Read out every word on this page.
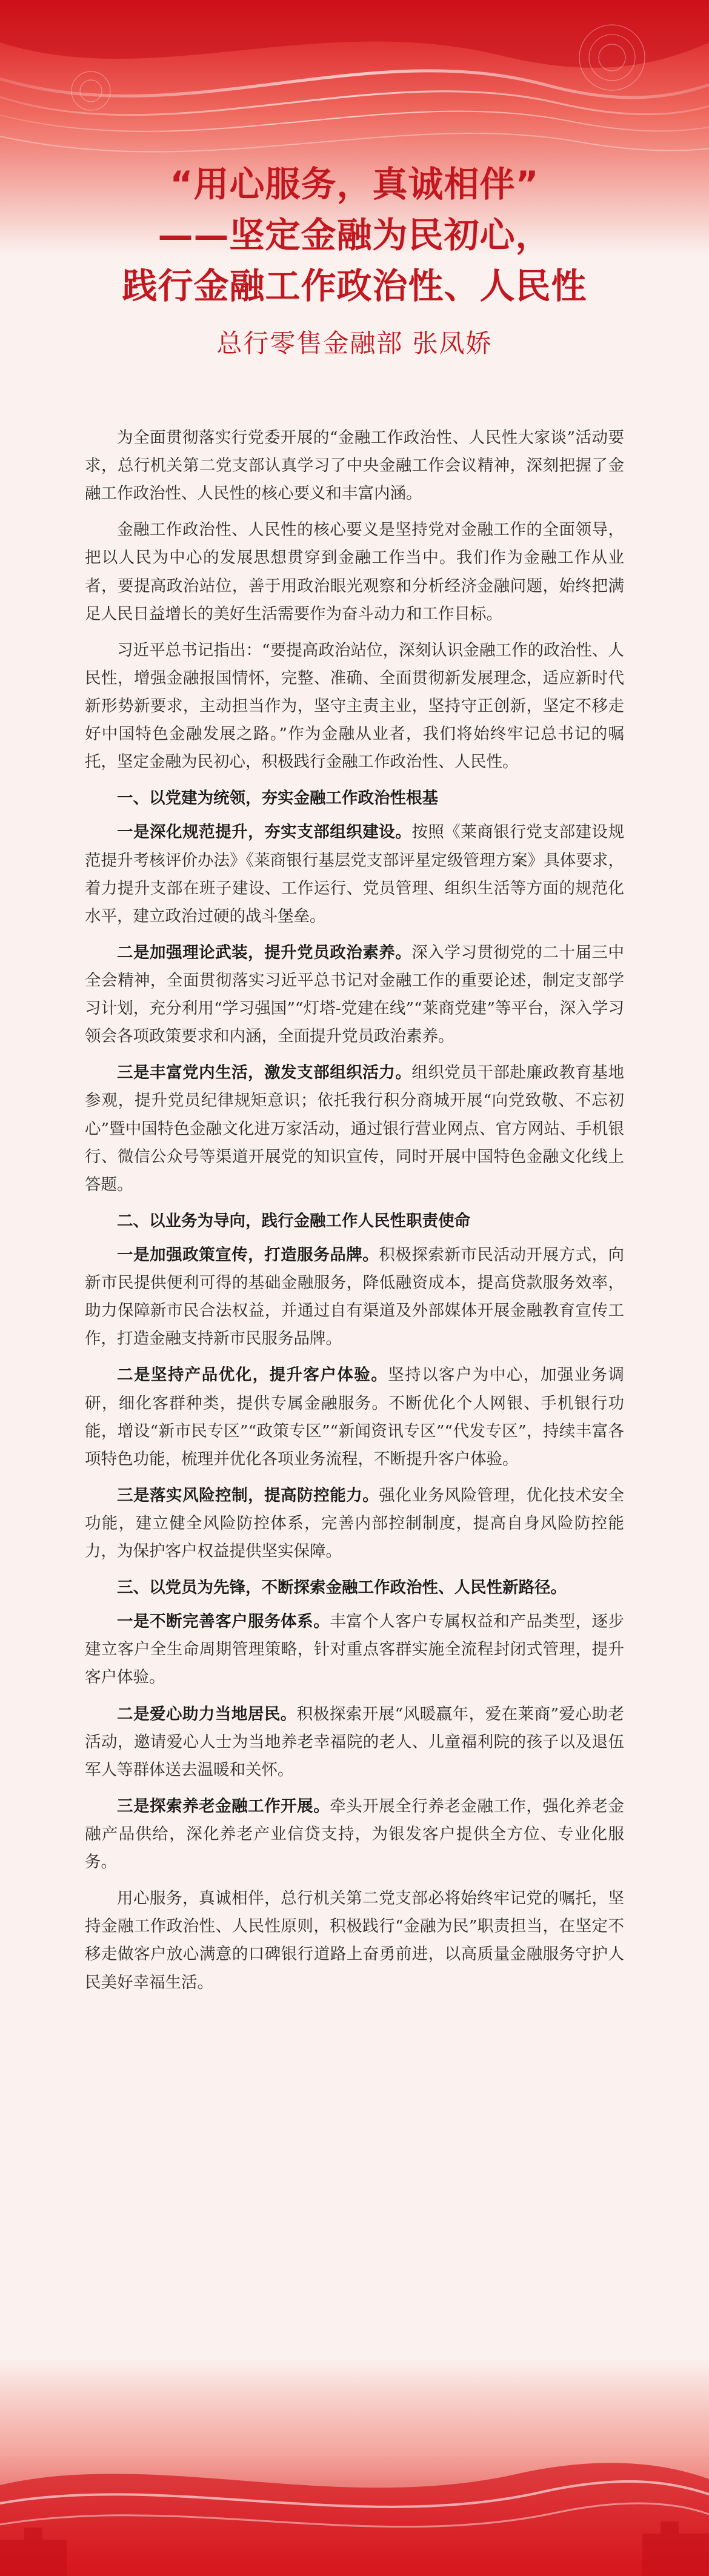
“用心服务，真诚相伴”
——坚定金融为民初心，
践行金融工作政治性、人民性
总行零售金融部 张凤娇

为全面贯彻落实行党委开展的“金融工作政治性、人民性大家谈”活动要求，总行机关第二党支部认真学习了中央金融工作会议精神，深刻把握了金融工作政治性、人民性的核心要义和丰富内涵。

金融工作政治性、人民性的核心要义是坚持党对金融工作的全面领导，把以人民为中心的发展思想贯穿到金融工作当中。我们作为金融工作从业者，要提高政治站位，善于用政治眼光观察和分析经济金融问题，始终把满足人民日益增长的美好生活需要作为奋斗动力和工作目标。

习近平总书记指出：“要提高政治站位，深刻认识金融工作的政治性、人民性，增强金融报国情怀，完整、准确、全面贯彻新发展理念，适应新时代新形势新要求，主动担当作为，坚守主责主业，坚持守正创新，坚定不移走好中国特色金融发展之路。”作为金融从业者，我们将始终牢记总书记的嘱托，坚定金融为民初心，积极践行金融工作政治性、人民性。

一、以党建为统领，夯实金融工作政治性根基

一是深化规范提升，夯实支部组织建设。按照《莱商银行党支部建设规范提升考核评价办法》《莱商银行基层党支部评星定级管理方案》具体要求，着力提升支部在班子建设、工作运行、党员管理、组织生活等方面的规范化水平，建立政治过硬的战斗堡垒。

二是加强理论武装，提升党员政治素养。深入学习贯彻党的二十届三中全会精神，全面贯彻落实习近平总书记对金融工作的重要论述，制定支部学习计划，充分利用“学习强国”“灯塔-党建在线”“莱商党建”等平台，深入学习领会各项政策要求和内涵，全面提升党员政治素养。

三是丰富党内生活，激发支部组织活力。组织党员干部赴廉政教育基地参观，提升党员纪律规矩意识；依托我行积分商城开展“向党致敬、不忘初心”暨中国特色金融文化进万家活动，通过银行营业网点、官方网站、手机银行、微信公众号等渠道开展党的知识宣传，同时开展中国特色金融文化线上答题。

二、以业务为导向，践行金融工作人民性职责使命

一是加强政策宣传，打造服务品牌。积极探索新市民活动开展方式，向新市民提供便利可得的基础金融服务，降低融资成本，提高贷款服务效率，助力保障新市民合法权益，并通过自有渠道及外部媒体开展金融教育宣传工作，打造金融支持新市民服务品牌。

二是坚持产品优化，提升客户体验。坚持以客户为中心，加强业务调研，细化客群种类，提供专属金融服务。不断优化个人网银、手机银行功能，增设“新市民专区”“政策专区”“新闻资讯专区”“代发专区”，持续丰富各项特色功能，梳理并优化各项业务流程，不断提升客户体验。

三是落实风险控制，提高防控能力。强化业务风险管理，优化技术安全功能，建立健全风险防控体系，完善内部控制制度，提高自身风险防控能力，为保护客户权益提供坚实保障。

三、以党员为先锋，不断探索金融工作政治性、人民性新路径。

一是不断完善客户服务体系。丰富个人客户专属权益和产品类型，逐步建立客户全生命周期管理策略，针对重点客群实施全流程封闭式管理，提升客户体验。

二是爱心助力当地居民。积极探索开展“风暖赢年，爱在莱商”爱心助老活动，邀请爱心人士为当地养老幸福院的老人、儿童福利院的孩子以及退伍军人等群体送去温暖和关怀。

三是探索养老金融工作开展。牵头开展全行养老金融工作，强化养老金融产品供给，深化养老产业信贷支持，为银发客户提供全方位、专业化服务。

用心服务，真诚相伴，总行机关第二党支部必将始终牢记党的嘱托，坚持金融工作政治性、人民性原则，积极践行“金融为民”职责担当，在坚定不移走做客户放心满意的口碑银行道路上奋勇前进，以高质量金融服务守护人民美好幸福生活。
